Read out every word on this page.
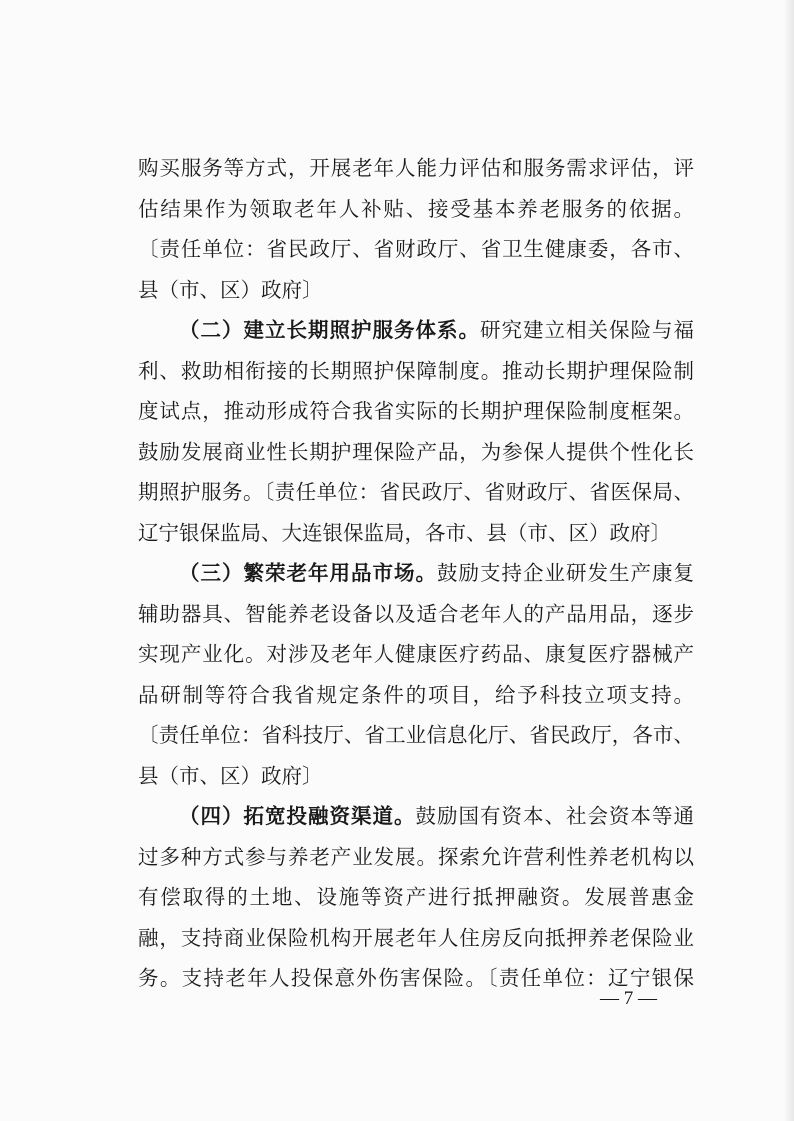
购买服务等方式，开展老年人能力评估和服务需求评估，评
估结果作为领取老年人补贴、接受基本养老服务的依据。
〔责任单位：省民政厅、省财政厅、省卫生健康委，各市、
县（市、区）政府〕
（二）建立长期照护服务体系。研究建立相关保险与福
利、救助相衔接的长期照护保障制度。推动长期护理保险制
度试点，推动形成符合我省实际的长期护理保险制度框架。
鼓励发展商业性长期护理保险产品，为参保人提供个性化长
期照护服务。〔责任单位：省民政厅、省财政厅、省医保局、
辽宁银保监局、大连银保监局，各市、县（市、区）政府〕
（三）繁荣老年用品市场。鼓励支持企业研发生产康复
辅助器具、智能养老设备以及适合老年人的产品用品，逐步
实现产业化。对涉及老年人健康医疗药品、康复医疗器械产
品研制等符合我省规定条件的项目，给予科技立项支持。
〔责任单位：省科技厅、省工业信息化厅、省民政厅，各市、
县（市、区）政府〕
（四）拓宽投融资渠道。鼓励国有资本、社会资本等通
过多种方式参与养老产业发展。探索允许营利性养老机构以
有偿取得的土地、设施等资产进行抵押融资。发展普惠金
融，支持商业保险机构开展老年人住房反向抵押养老保险业
务。支持老年人投保意外伤害保险。〔责任单位：辽宁银保
— 7 —
